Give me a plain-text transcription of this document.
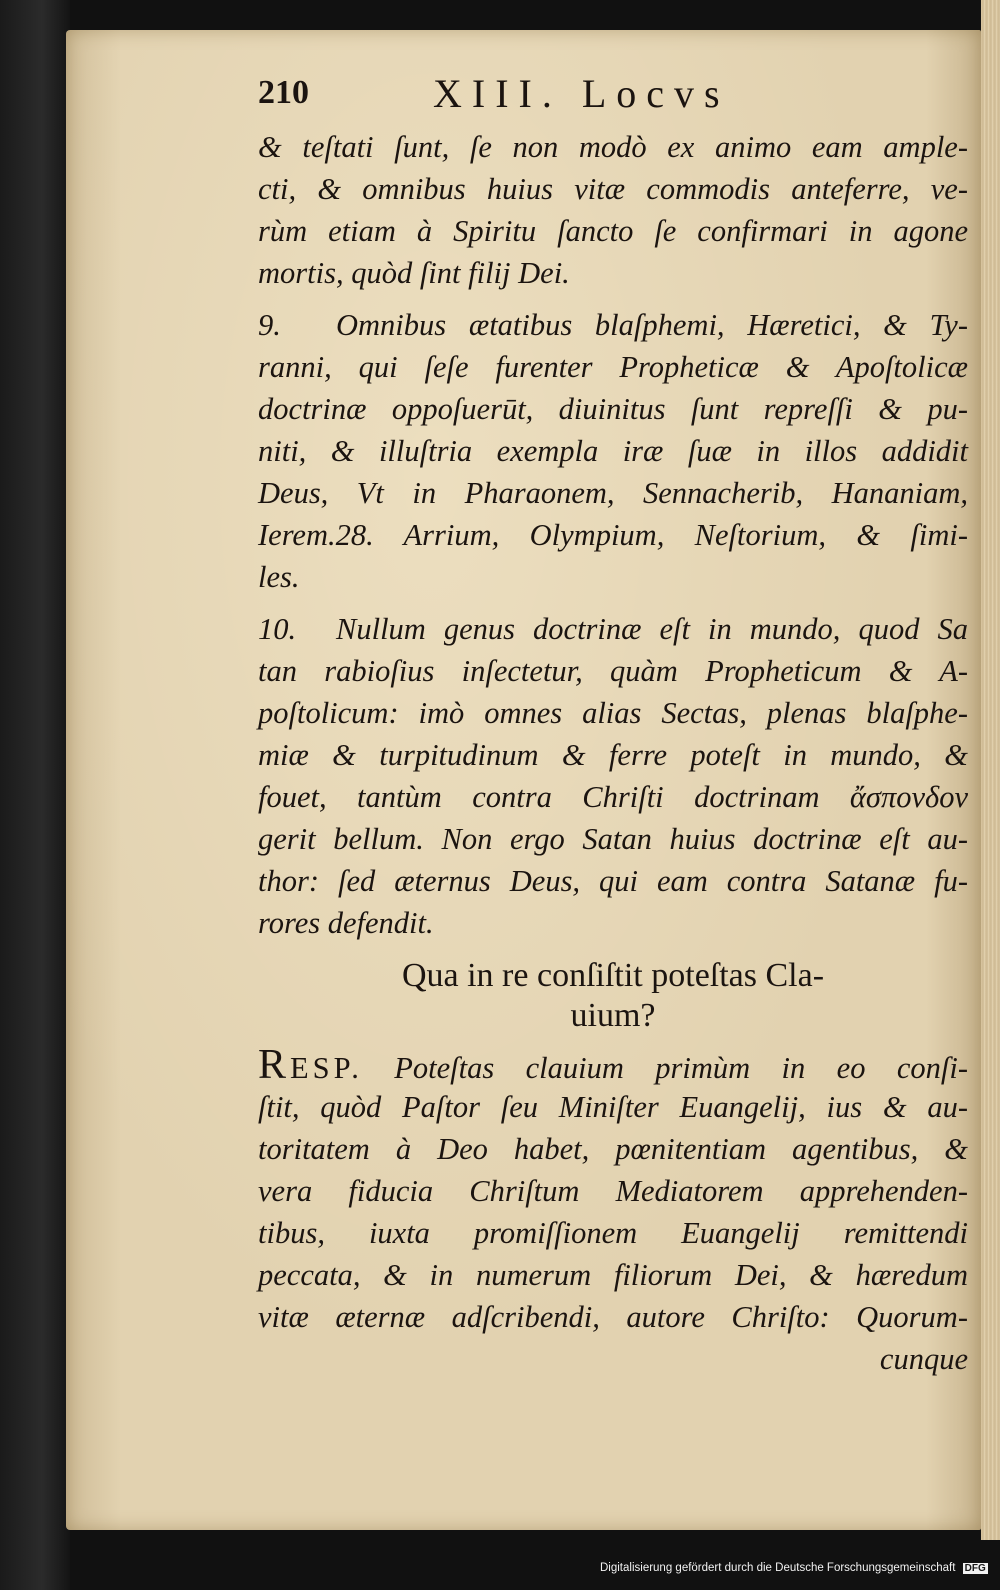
210	XIII. Locvs
& teſtati ſunt, ſe non modò ex animo eam ample-
cti, & omnibus huius vitæ commodis anteferre, ve-
rùm etiam à Spiritu ſancto ſe confirmari in agone
mortis, quòd ſint filij Dei.
9. Omnibus ætatibus blaſphemi, Hæretici, & Ty-
ranni, qui ſeſe furenter Propheticæ & Apoſtolicæ
doctrinæ oppoſuerūt, diuinitus ſunt repreſſi & pu-
niti, & illuſtria exempla iræ ſuæ in illos addidit
Deus, Vt in Pharaonem, Sennacherib, Hananiam,
Ierem.28. Arrium, Olympium, Neſtorium, & ſimi-
les.
10. Nullum genus doctrinæ eſt in mundo, quod Sa
tan rabioſius inſectetur, quàm Propheticum & A-
poſtolicum: imò omnes alias Sectas, plenas blaſphe-
miæ & turpitudinum & ferre poteſt in mundo, &
fouet, tantùm contra Chriſti doctrinam ἄσπονδον
gerit bellum. Non ergo Satan huius doctrinæ eſt au-
thor: ſed æternus Deus, qui eam contra Satanæ fu-
rores defendit.
Qua in re conſiſtit poteſtas Cla-
uium?
RESP. Poteſtas clauium primùm in eo conſi-
ſtit, quòd Paſtor ſeu Miniſter Euangelij, ius & au-
toritatem à Deo habet, pœnitentiam agentibus, &
vera fiducia Chriſtum Mediatorem apprehenden-
tibus, iuxta promiſſionem Euangelij remittendi
peccata, & in numerum filiorum Dei, & hæredum
vitæ æternæ adſcribendi, autore Chriſto: Quorum-
cunque
Digitalisierung gefördert durch die Deutsche Forschungsgemeinschaft DFG
